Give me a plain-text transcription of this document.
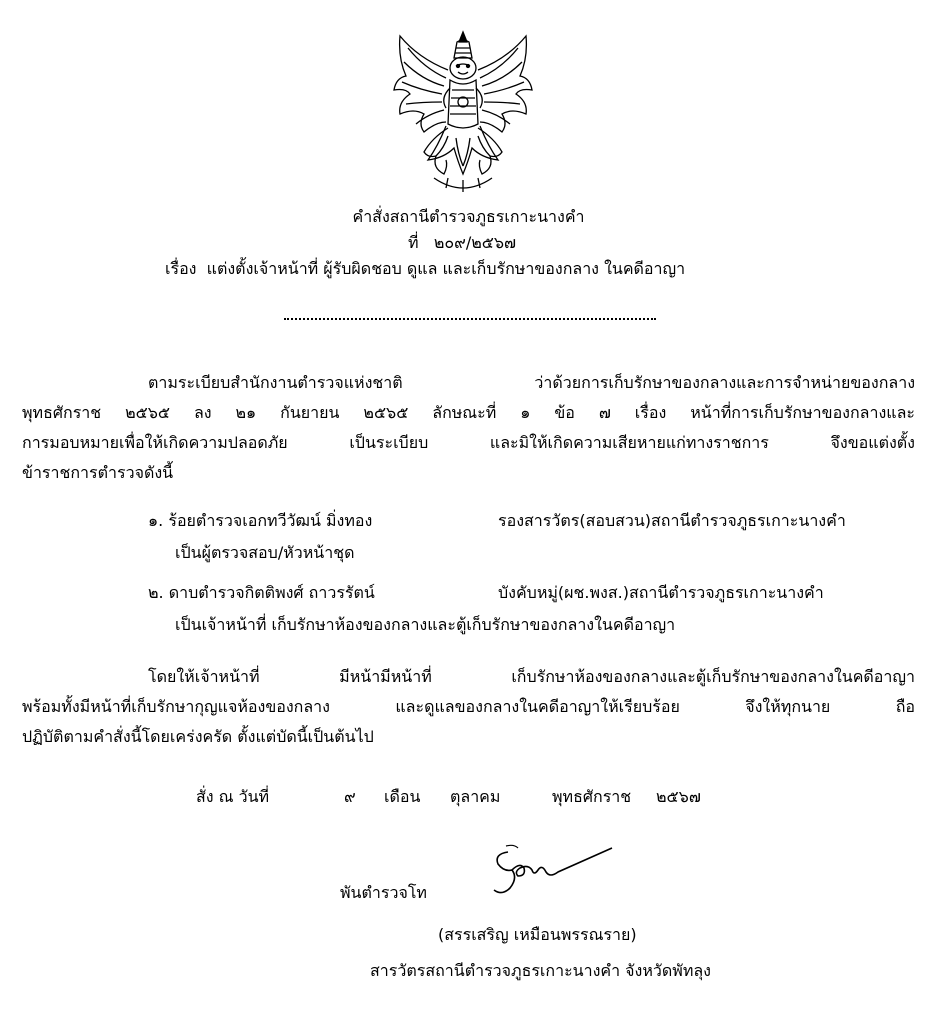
คำสั่งสถานีตำรวจภูธรเกาะนางคำ
ที่ ๒๐๙/๒๕๖๗
เรื่อง แต่งตั้งเจ้าหน้าที่ ผู้รับผิดชอบ ดูแล และเก็บรักษาของกลาง ในคดีอาญา
ตามระเบียบสำนักงานตำรวจแห่งชาติ ว่าด้วยการเก็บรักษาของกลางและการจำหน่ายของกลาง
พุทธศักราช ๒๕๖๕ ลง ๒๑ กันยายน ๒๕๖๕ ลักษณะที่ ๑ ข้อ ๗ เรื่อง หน้าที่การเก็บรักษาของกลางและ
การมอบหมายเพื่อให้เกิดความปลอดภัย เป็นระเบียบ และมิให้เกิดความเสียหายแก่ทางราชการ จึงขอแต่งตั้ง
ข้าราชการตำรวจดังนี้
๑. ร้อยตำรวจเอกทวีวัฒน์ มิ่งทอง	รองสารวัตร(สอบสวน)สถานีตำรวจภูธรเกาะนางคำ
เป็นผู้ตรวจสอบ/หัวหน้าชุด
๒. ดาบตำรวจกิตติพงศ์ ถาวรรัตน์	บังคับหมู่(ผช.พงส.)สถานีตำรวจภูธรเกาะนางคำ
เป็นเจ้าหน้าที่ เก็บรักษาห้องของกลางและตู้เก็บรักษาของกลางในคดีอาญา
โดยให้เจ้าหน้าที่ มีหน้ามีหน้าที่ เก็บรักษาห้องของกลางและตู้เก็บรักษาของกลางในคดีอาญา
พร้อมทั้งมีหน้าที่เก็บรักษากุญแจห้องของกลาง และดูแลของกลางในคดีอาญาให้เรียบร้อย จึงให้ทุกนาย ถือ
ปฏิบัติตามคำสั่งนี้โดยเคร่งครัด ตั้งแต่บัดนี้เป็นต้นไป
สั่ง ณ วันที่	๙ เดือน ตุลาคม	พุทธศักราช ๒๕๖๗
พันตำรวจโท
(สรรเสริญ เหมือนพรรณราย)
สารวัตรสถานีตำรวจภูธรเกาะนางคำ จังหวัดพัทลุง
